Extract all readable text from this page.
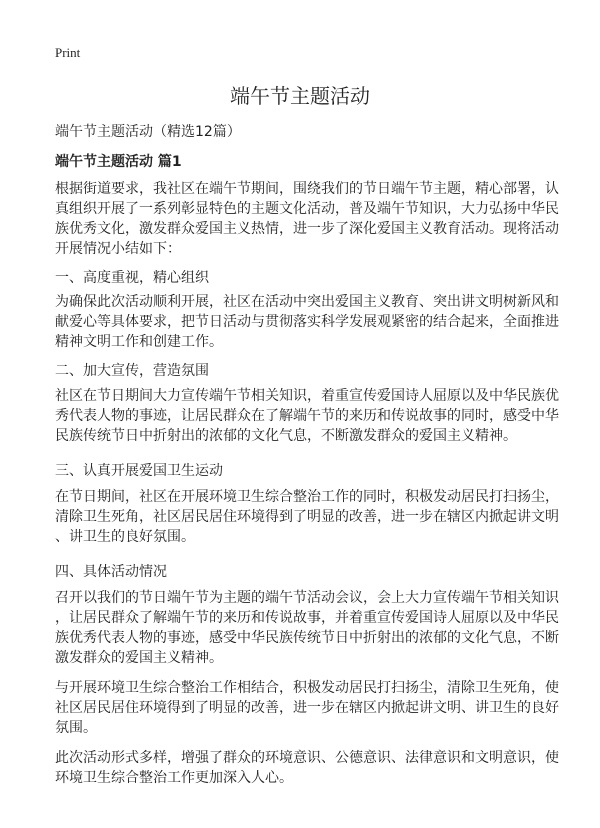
Print
端午节主题活动
端午节主题活动（精选12篇）
端午节主题活动 篇1
根据街道要求，我社区在端午节期间，围绕我们的节日端午节主题，精心部署，认
真组织开展了一系列彰显特色的主题文化活动，普及端午节知识，大力弘扬中华民
族优秀文化，激发群众爱国主义热情，进一步了深化爱国主义教育活动。现将活动
开展情况小结如下：
一、高度重视，精心组织
为确保此次活动顺利开展，社区在活动中突出爱国主义教育、突出讲文明树新风和
献爱心等具体要求，把节日活动与贯彻落实科学发展观紧密的结合起来，全面推进
精神文明工作和创建工作。
二、加大宣传，营造氛围
社区在节日期间大力宣传端午节相关知识，着重宣传爱国诗人屈原以及中华民族优
秀代表人物的事迹，让居民群众在了解端午节的来历和传说故事的同时，感受中华
民族传统节日中折射出的浓郁的文化气息，不断激发群众的爱国主义精神。
三、认真开展爱国卫生运动
在节日期间，社区在开展环境卫生综合整治工作的同时，积极发动居民打扫扬尘，
清除卫生死角，社区居民居住环境得到了明显的改善，进一步在辖区内掀起讲文明
、讲卫生的良好氛围。
四、具体活动情况
召开以我们的节日端午节为主题的端午节活动会议，会上大力宣传端午节相关知识
，让居民群众了解端午节的来历和传说故事，并着重宣传爱国诗人屈原以及中华民
族优秀代表人物的事迹，感受中华民族传统节日中折射出的浓郁的文化气息，不断
激发群众的爱国主义精神。
与开展环境卫生综合整治工作相结合，积极发动居民打扫扬尘，清除卫生死角，使
社区居民居住环境得到了明显的改善，进一步在辖区内掀起讲文明、讲卫生的良好
氛围。
此次活动形式多样，增强了群众的环境意识、公德意识、法律意识和文明意识，使
环境卫生综合整治工作更加深入人心。
